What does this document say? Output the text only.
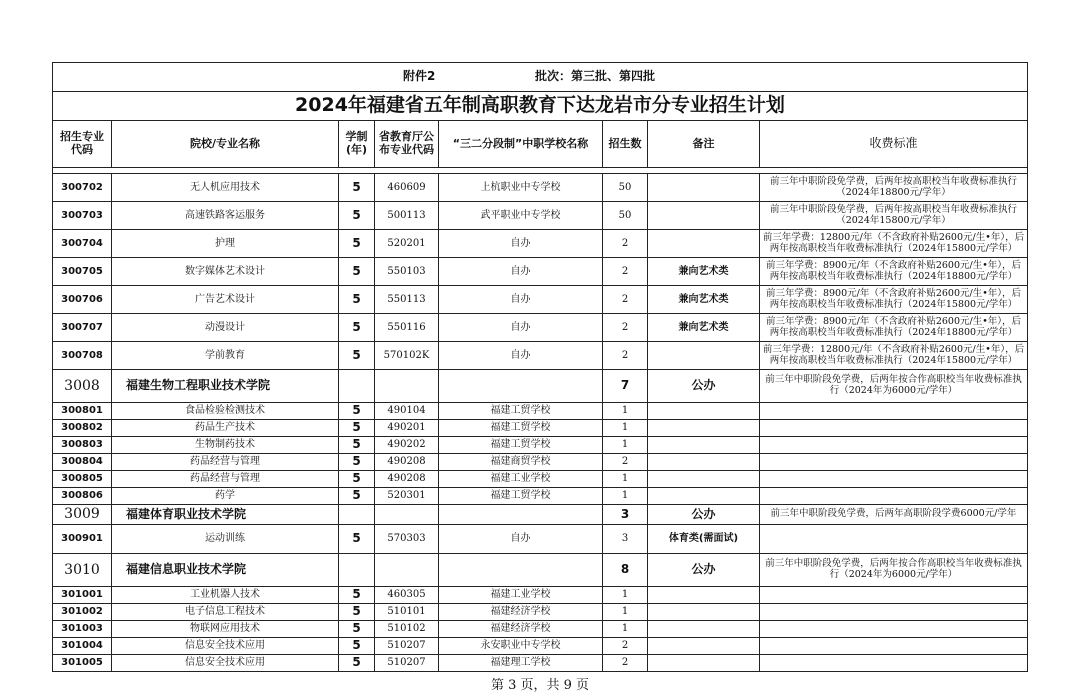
附件2 批次：第三批、第四批							

2024年福建省五年制高职教育下达龙岩市分专业招生计划							
招生专业代码	院校/专业名称	学制(年)	省教育厅公布专业代码	“三二分段制”中职学校名称	招生数	备注	收费标准

300702	无人机应用技术	5	460609	上杭职业中专学校	50		前三年中职阶段免学费，后两年按高职校当年收费标准执行（2024年18800元/学年）
300703	高速铁路客运服务	5	500113	武平职业中专学校	50		前三年中职阶段免学费，后两年按高职校当年收费标准执行（2024年15800元/学年）
300704	护理	5	520201	自办	2		前三年学费：12800元/年（不含政府补贴2600元/生•年），后两年按高职校当年收费标准执行（2024年15800元/学年）
300705	数字媒体艺术设计	5	550103	自办	2	兼向艺术类	前三年学费：8900元/年（不含政府补贴2600元/生•年），后两年按高职校当年收费标准执行（2024年18800元/学年）
300706	广告艺术设计	5	550113	自办	2	兼向艺术类	前三年学费：8900元/年（不含政府补贴2600元/生•年），后两年按高职校当年收费标准执行（2024年15800元/学年）
300707	动漫设计	5	550116	自办	2	兼向艺术类	前三年学费：8900元/年（不含政府补贴2600元/生•年），后两年按高职校当年收费标准执行（2024年18800元/学年）
300708	学前教育	5	570102K	自办	2		前三年学费：12800元/年（不含政府补贴2600元/生•年），后两年按高职校当年收费标准执行（2024年15800元/学年）
3008	福建生物工程职业技术学院				7	公办	前三年中职阶段免学费，后两年按合作高职校当年收费标准执行（2024年为6000元/学年）
300801	食品检验检测技术	5	490104	福建工贸学校	1		
300802	药品生产技术	5	490201	福建工贸学校	1		
300803	生物制药技术	5	490202	福建工贸学校	1		
300804	药品经营与管理	5	490208	福建商贸学校	2		
300805	药品经营与管理	5	490208	福建工业学校	1		
300806	药学	5	520301	福建工贸学校	1		
3009	福建体育职业技术学院				3	公办	前三年中职阶段免学费，后两年高职阶段学费6000元/学年
300901	运动训练	5	570303	自办	3	体育类(需面试)	
3010	福建信息职业技术学院				8	公办	前三年中职阶段免学费，后两年按合作高职校当年收费标准执行（2024年为6000元/学年）
301001	工业机器人技术	5	460305	福建工业学校	1		
301002	电子信息工程技术	5	510101	福建经济学校	1		
301003	物联网应用技术	5	510102	福建经济学校	1		
301004	信息安全技术应用	5	510207	永安职业中专学校	2		
301005	信息安全技术应用	5	510207	福建理工学校	2		
第 3 页，共 9 页
